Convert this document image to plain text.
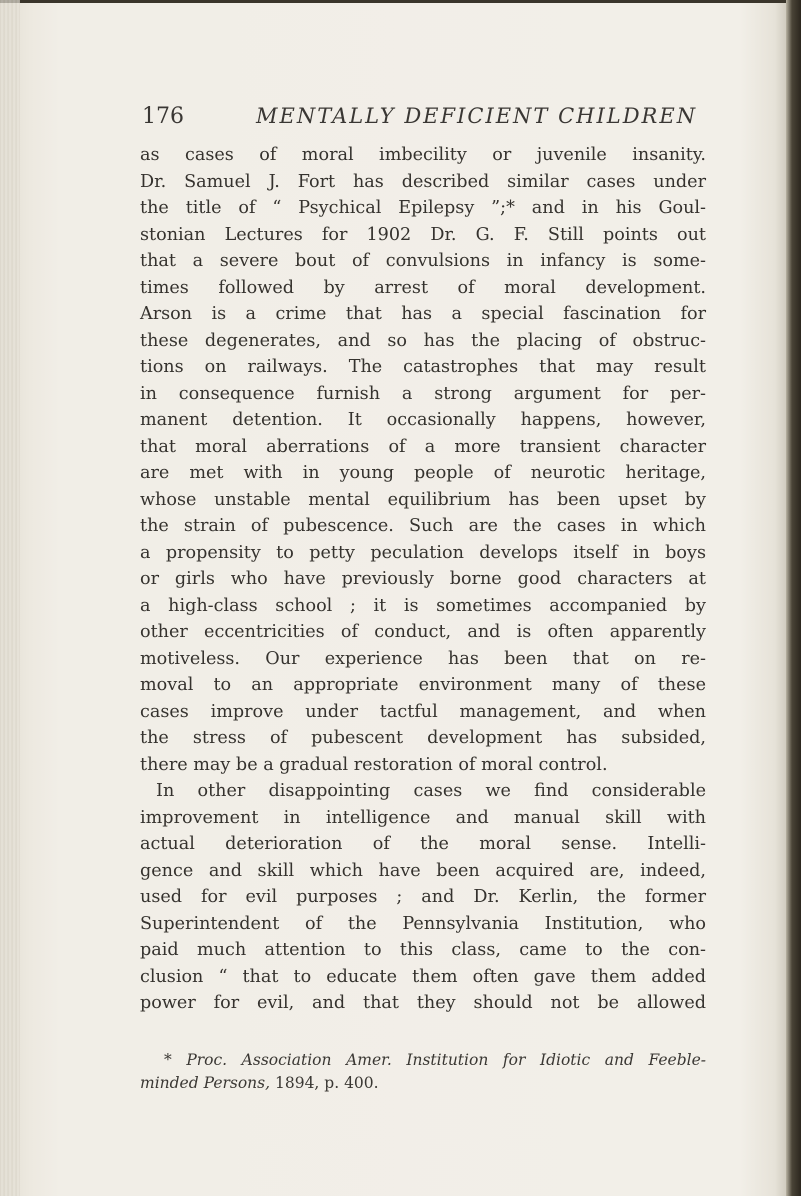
176	MENTALLY DEFICIENT CHILDREN
as cases of moral imbecility or juvenile insanity.
Dr. Samuel J. Fort has described similar cases under
the title of “ Psychical Epilepsy ”;* and in his Goul-
stonian Lectures for 1902 Dr. G. F. Still points out
that a severe bout of convulsions in infancy is some-
times followed by arrest of moral development.
Arson is a crime that has a special fascination for
these degenerates, and so has the placing of obstruc-
tions on railways. The catastrophes that may result
in consequence furnish a strong argument for per-
manent detention. It occasionally happens, however,
that moral aberrations of a more transient character
are met with in young people of neurotic heritage,
whose unstable mental equilibrium has been upset by
the strain of pubescence. Such are the cases in which
a propensity to petty peculation develops itself in boys
or girls who have previously borne good characters at
a high-class school ; it is sometimes accompanied by
other eccentricities of conduct, and is often apparently
motiveless. Our experience has been that on re-
moval to an appropriate environment many of these
cases improve under tactful management, and when
the stress of pubescent development has subsided,
there may be a gradual restoration of moral control.
In other disappointing cases we find considerable
improvement in intelligence and manual skill with
actual deterioration of the moral sense. Intelli-
gence and skill which have been acquired are, indeed,
used for evil purposes ; and Dr. Kerlin, the former
Superintendent of the Pennsylvania Institution, who
paid much attention to this class, came to the con-
clusion “ that to educate them often gave them added
power for evil, and that they should not be allowed
* Proc. Association Amer. Institution for Idiotic and Feeble-
minded Persons, 1894, p. 400.
